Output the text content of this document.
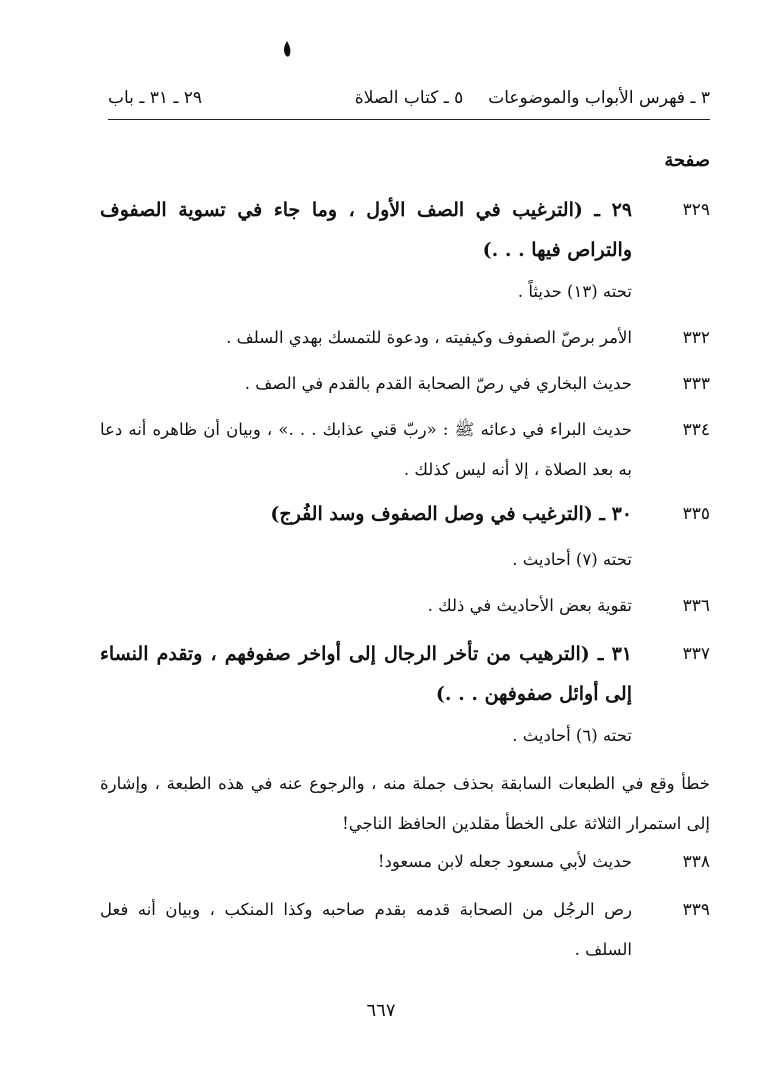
٣ ـ فهرس الأبواب والموضوعات
٥ ـ كتاب الصلاة
٢٩ ـ ٣١ ـ باب
صفحة
٣٢٩
٢٩ ـ (الترغيب في الصف الأول ، وما جاء في تسوية الصفوف والتراص فيها . . .)
تحته (١٣) حديثاً .
٣٣٢
الأمر برصّ الصفوف وكيفيته ، ودعوة للتمسك بهدي السلف .
٣٣٣
حديث البخاري في رصّ الصحابة القدم بالقدم في الصف .
٣٣٤
حديث البراء في دعائه ﷺ : «ربّ قني عذابك . . .» ، وبيان أن ظاهره أنه دعا به بعد الصلاة ، إلا أنه ليس كذلك .
٣٣٥
٣٠ ـ (الترغيب في وصل الصفوف وسد الفُرج)
تحته (٧) أحاديث .
٣٣٦
تقوية بعض الأحاديث في ذلك .
٣٣٧
٣١ ـ (الترهيب من تأخر الرجال إلى أواخر صفوفهم ، وتقدم النساء إلى أوائل صفوفهن . . .)
تحته (٦) أحاديث .
خطأ وقع في الطبعات السابقة بحذف جملة منه ، والرجوع عنه في هذه الطبعة ، وإشارة إلى استمرار الثلاثة على الخطأ مقلدين الحافظ الناجي!
٣٣٨
حديث لأبي مسعود جعله لابن مسعود!
٣٣٩
رص الرجُل من الصحابة قدمه بقدم صاحبه وكذا المنكب ، وبيان أنه فعل السلف .
٦٦٧
